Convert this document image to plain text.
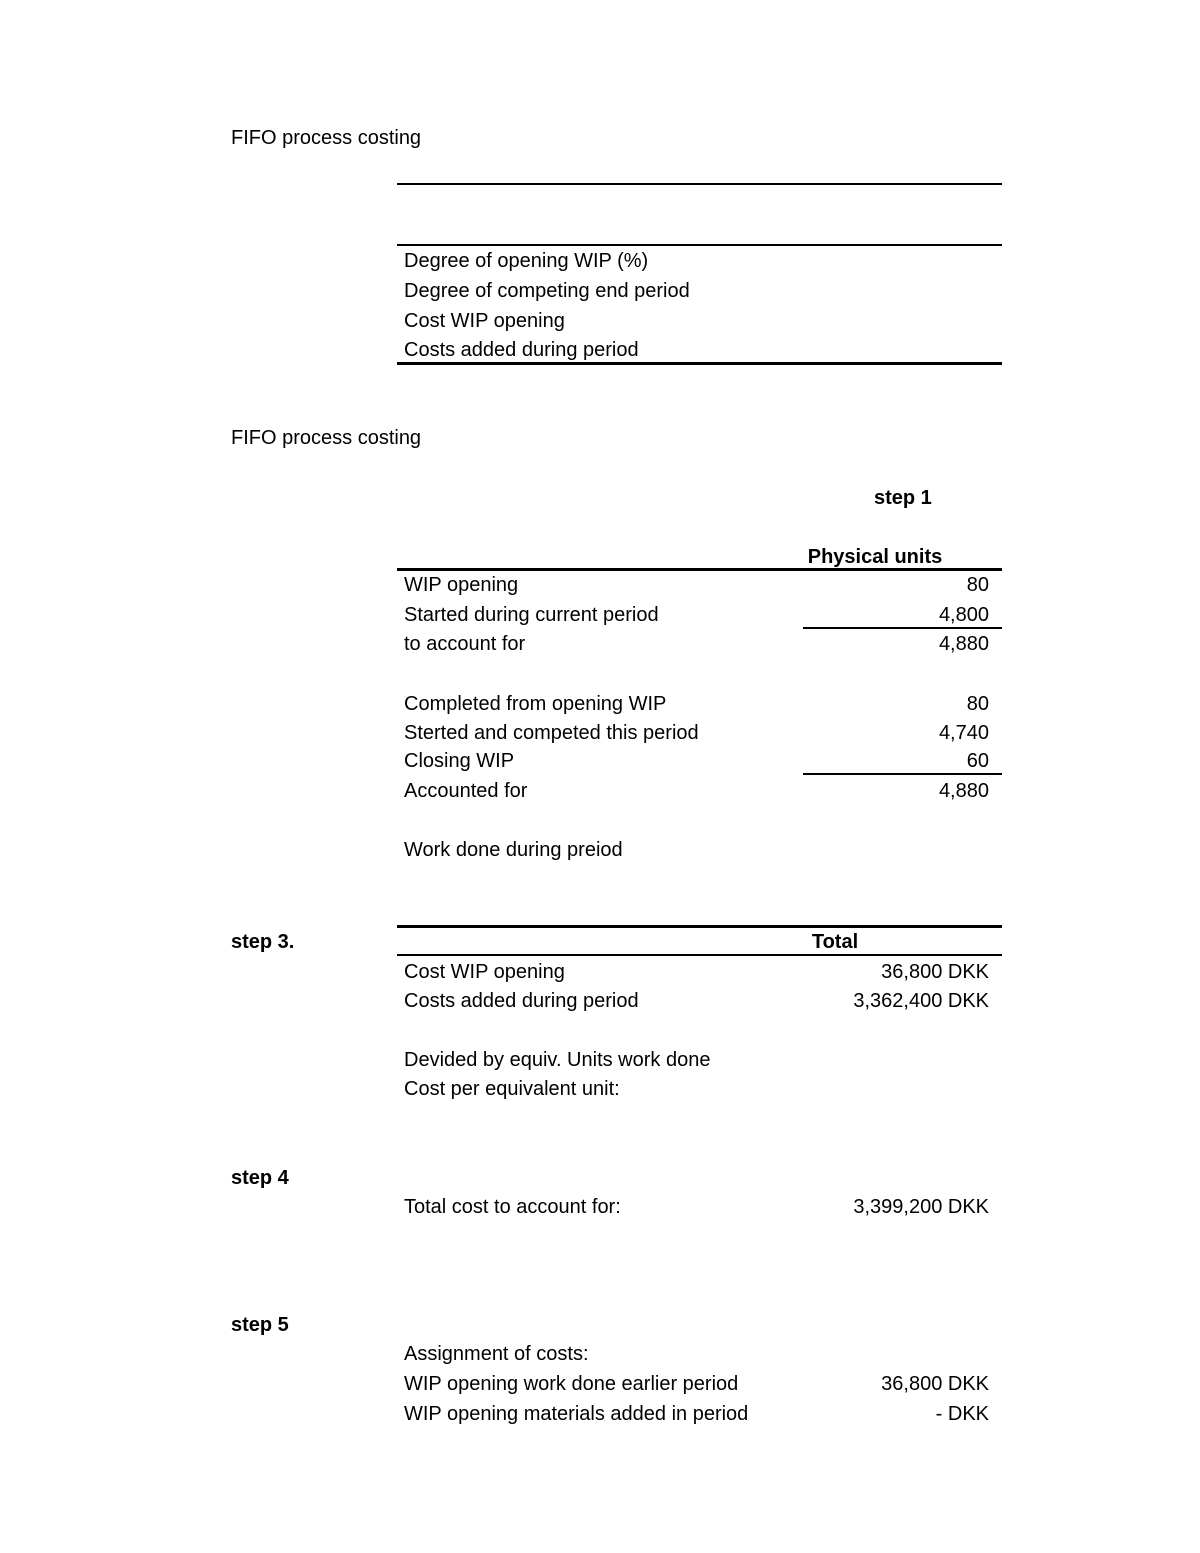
FIFO process costing
Degree of opening WIP (%)
Degree of competing end period
Cost WIP opening
Costs added during period
FIFO process costing
step 1
Physical units
WIP opening	80
Started during current period	4,800
to account for	4,880
Completed from opening WIP	80
Sterted and competed this period	4,740
Closing WIP	60
Accounted for	4,880
Work done during preiod
step 3.	Total
Cost WIP opening	36,800 DKK
Costs added during period	3,362,400 DKK
Devided by equiv. Units work done
Cost per equivalent unit:
step 4
Total cost to account for:	3,399,200 DKK
step 5
Assignment of costs:
WIP opening work done earlier period	36,800 DKK
WIP opening materials added in period	- DKK
